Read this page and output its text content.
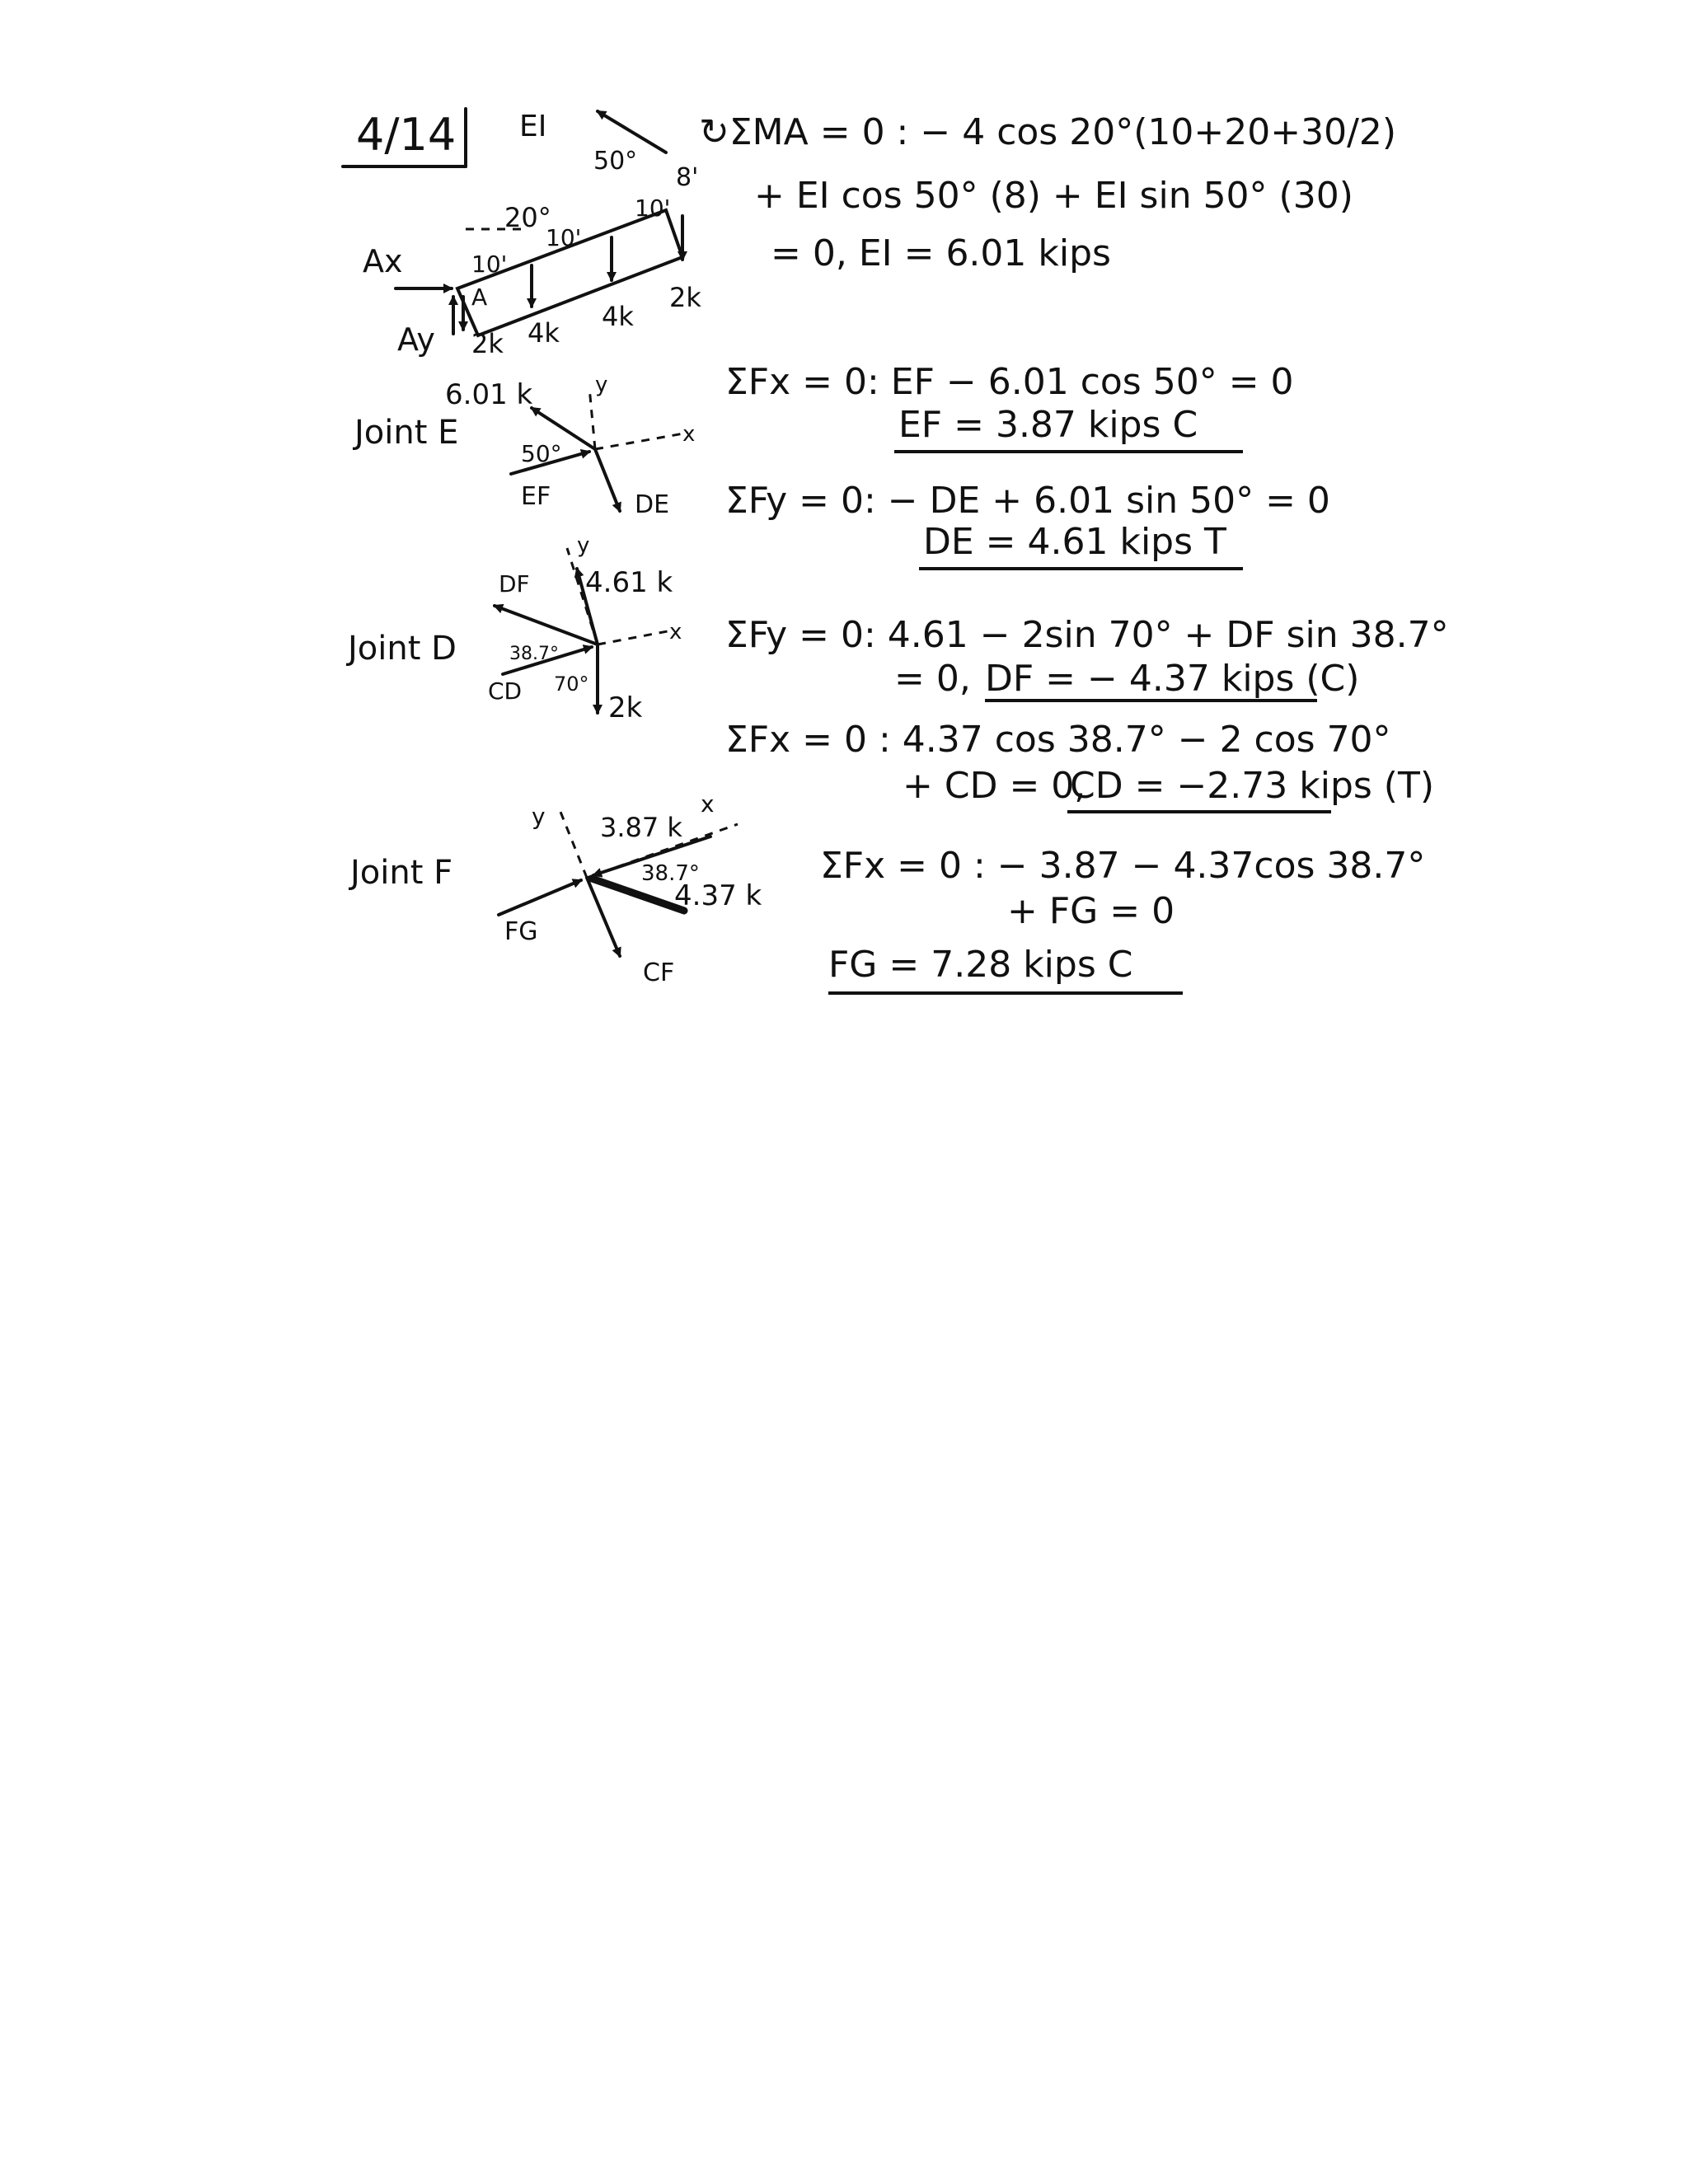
4/14 EI
50°
8'
20°
10'
10'
10'
Ax
Ay
A
2k 4k
4k
2k
↻ΣMA = 0 : − 4 cos 20°(10+20+30/2)
+ EI cos 50° (8) + EI sin 50° (30)
= 0, EI = 6.01 kips
Joint E
y
x
6.01 k
50°
EF	DE
ΣFx = 0: EF − 6.01 cos 50° = 0
EF = 3.87 kips C
ΣFy = 0: − DE + 6.01 sin 50° = 0
DE = 4.61 kips T
Joint D
y
x
DF 4.61 k
38.7°
CD 70°
2k
ΣFy = 0: 4.61 − 2sin 70° + DF sin 38.7°
= 0, DF = − 4.37 kips (C)
ΣFx = 0 : 4.37 cos 38.7° − 2 cos 70°
+ CD = 0,
CD = −2.73 kips (T)
Joint F
y	x
3.87 k
38.7°
4.37 k
FG
CF
ΣFx = 0 : − 3.87 − 4.37cos 38.7°
+ FG = 0
FG = 7.28 kips C
